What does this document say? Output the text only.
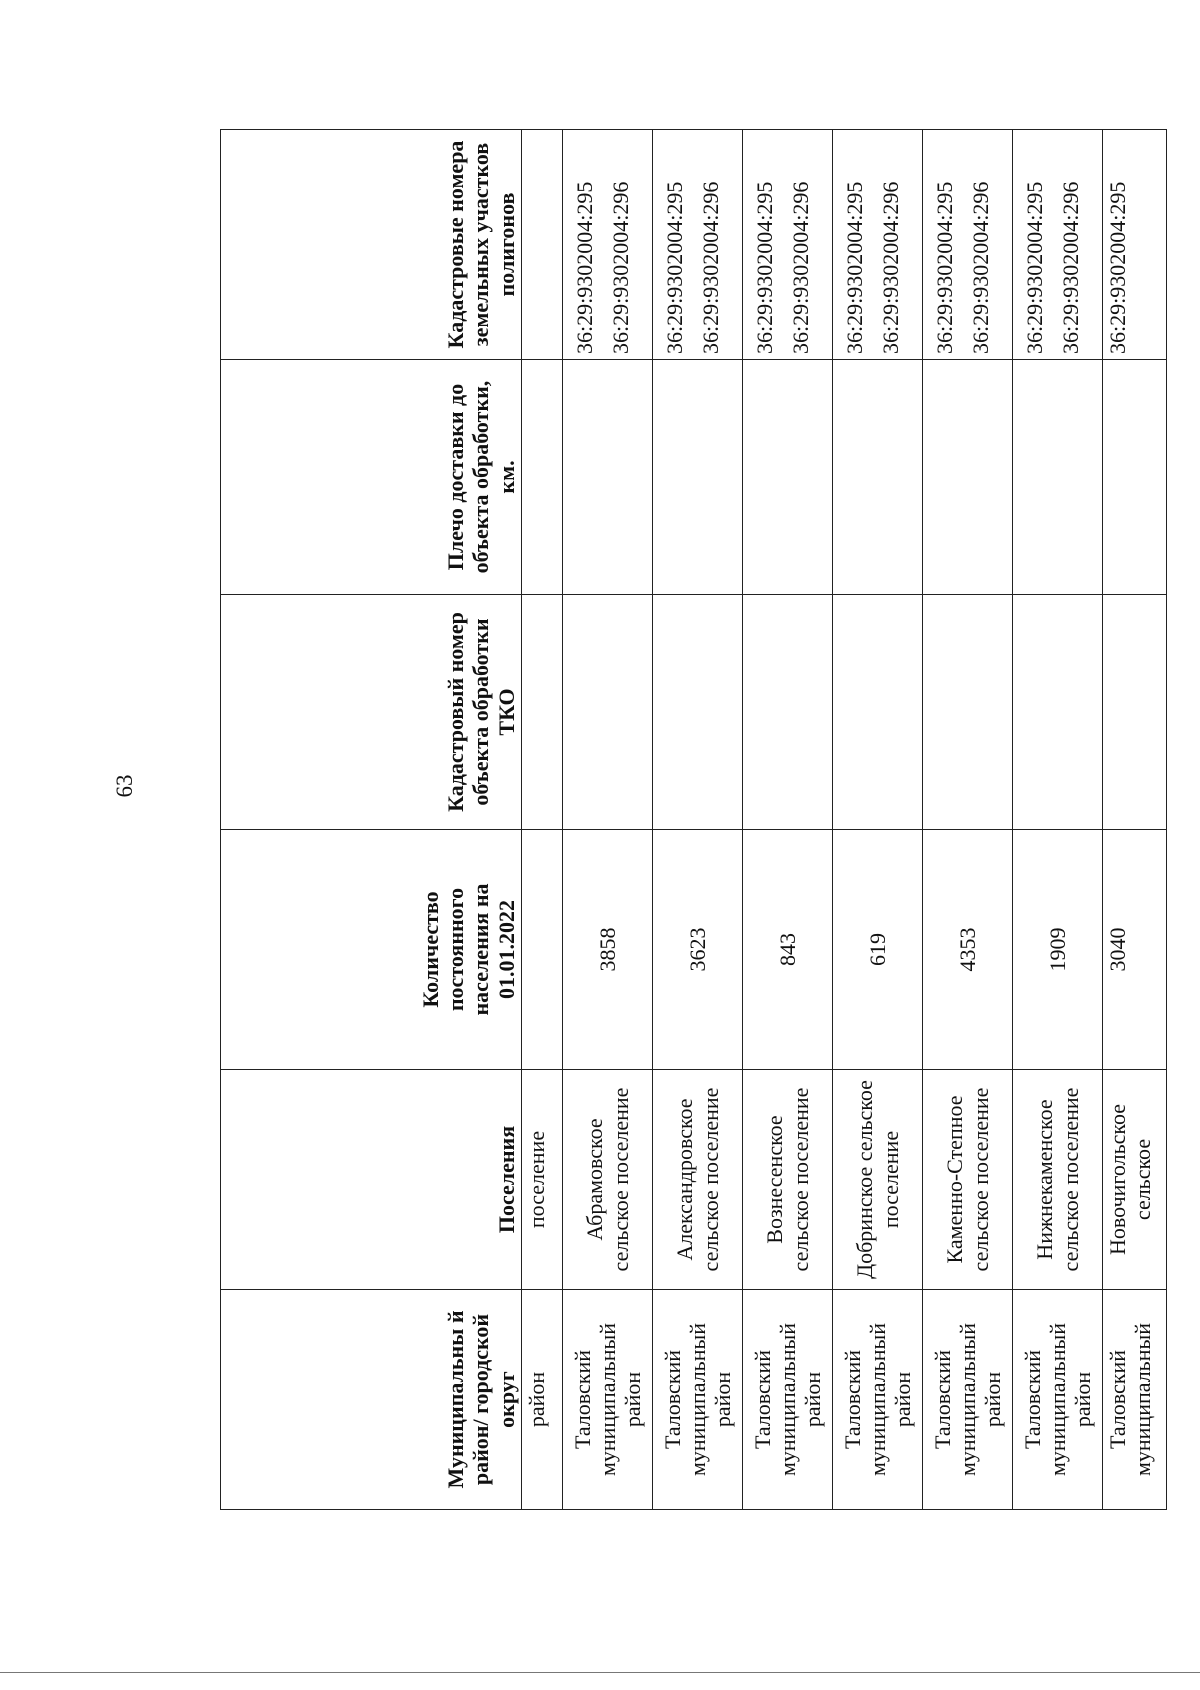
63
Муниципальны й район/ городской округ	Поселения	Количество постоянного населения на 01.01.2022	Кадастровый номер объекта обработки ТКО	Плечо доставки до объекта обработки, км.	Кадастровые номера земельных участков полигонов	
район	поселение					
Таловский муниципальный район	Абрамовское сельское поселение	3858			36:29:9302004:295 36:29:9302004:296

Таловский муниципальный район	Александровское сельское поселение	3623			36:29:9302004:295 36:29:9302004:296

Таловский муниципальный район	Вознесенское сельское поселение	843			36:29:9302004:295 36:29:9302004:296

Таловский муниципальный район	Добринское сельское поселение	619			36:29:9302004:295 36:29:9302004:296

Таловский муниципальный район	Каменно-Степное сельское поселение	4353			36:29:9302004:295 36:29:9302004:296

Таловский муниципальный район	Нижнекаменское сельское поселение	1909			36:29:9302004:295 36:29:9302004:296

Таловский муниципальный	Новочигольское сельское	3040			36:29:9302004:295
